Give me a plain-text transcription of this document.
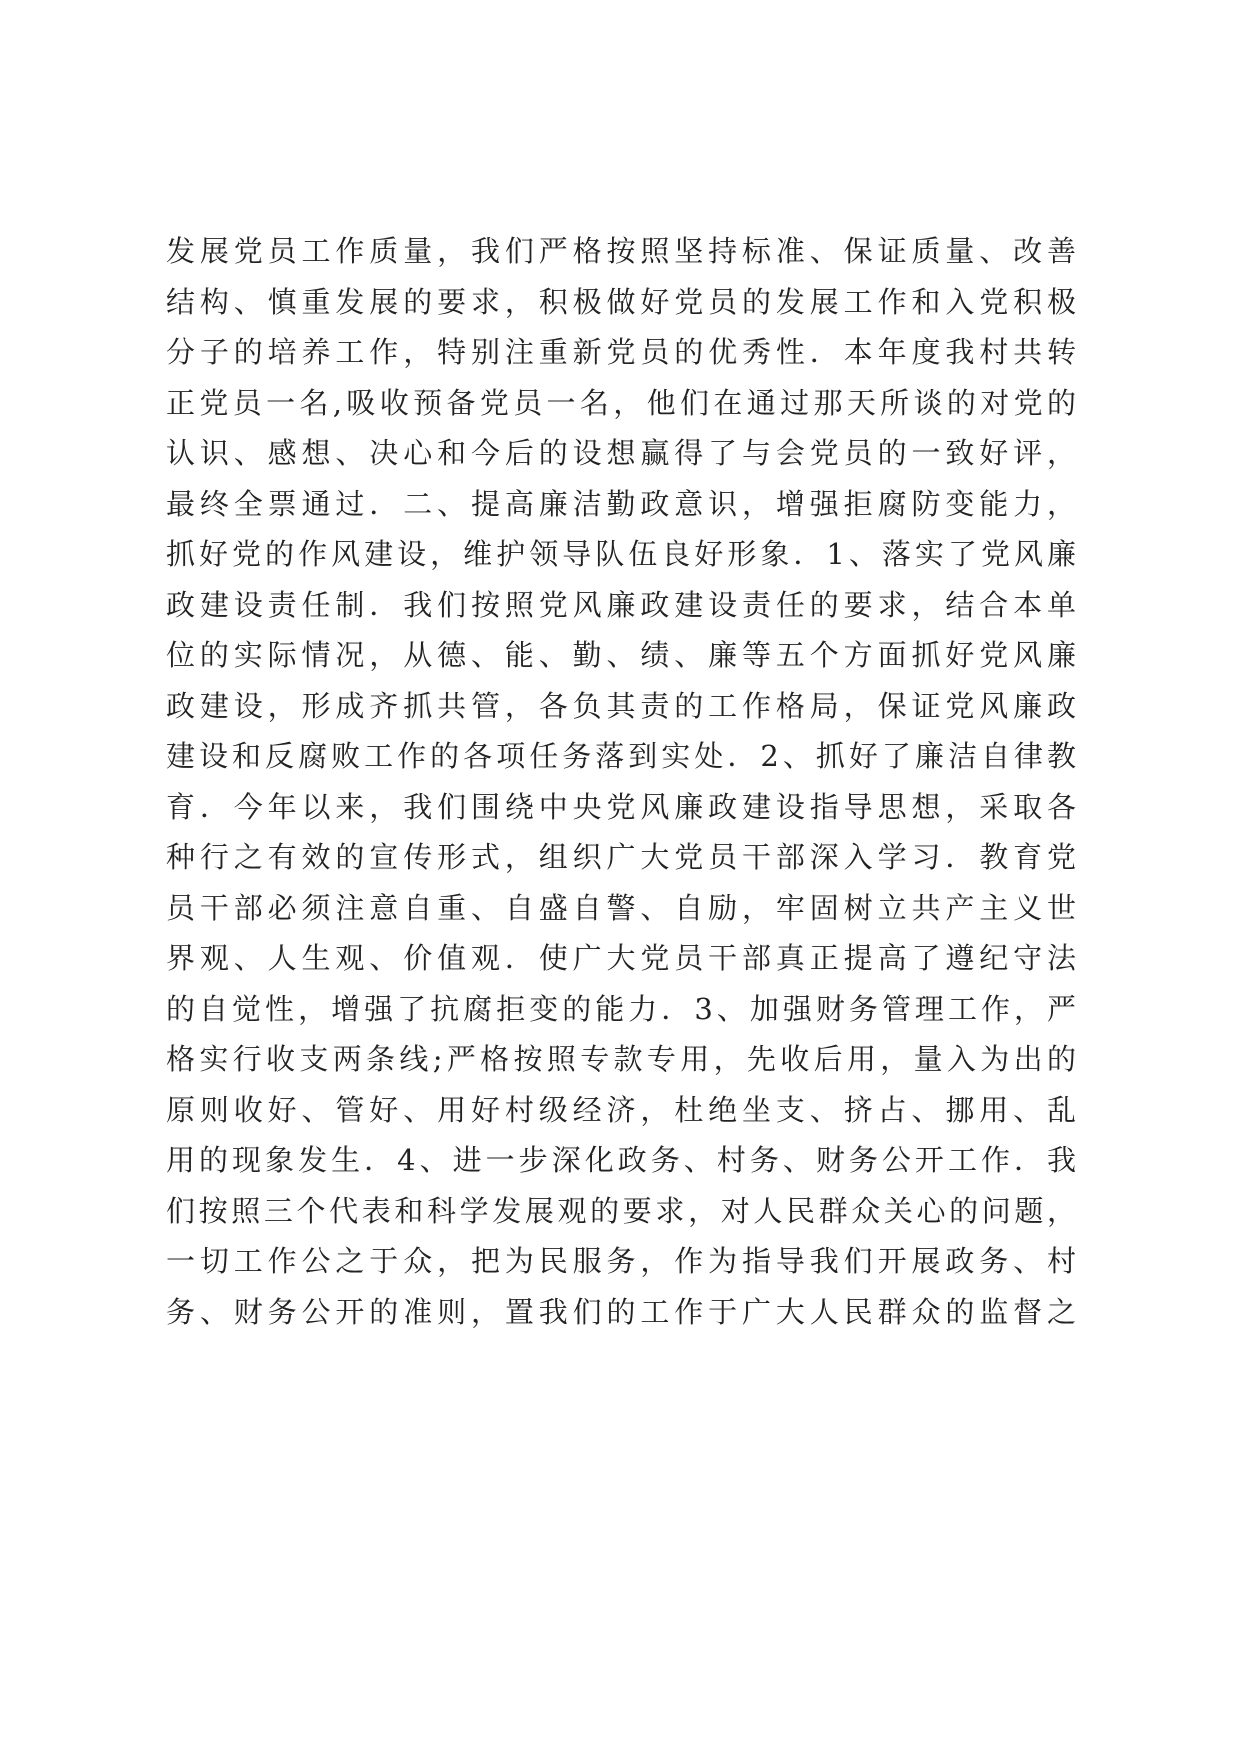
发展党员工作质量，我们严格按照坚持标准、保证质量、改善
结构、慎重发展的要求，积极做好党员的发展工作和入党积极
分子的培养工作，特别注重新党员的优秀性．本年度我村共转
正党员一名,吸收预备党员一名，他们在通过那天所谈的对党的
认识、感想、决心和今后的设想赢得了与会党员的一致好评，
最终全票通过．二、提高廉洁勤政意识，增强拒腐防变能力，
抓好党的作风建设，维护领导队伍良好形象．1、落实了党风廉
政建设责任制．我们按照党风廉政建设责任的要求，结合本单
位的实际情况，从德、能、勤、绩、廉等五个方面抓好党风廉
政建设，形成齐抓共管，各负其责的工作格局，保证党风廉政
建设和反腐败工作的各项任务落到实处．2、抓好了廉洁自律教
育．今年以来，我们围绕中央党风廉政建设指导思想，采取各
种行之有效的宣传形式，组织广大党员干部深入学习．教育党
员干部必须注意自重、自盛自警、自励，牢固树立共产主义世
界观、人生观、价值观．使广大党员干部真正提高了遵纪守法
的自觉性，增强了抗腐拒变的能力．3、加强财务管理工作，严
格实行收支两条线;严格按照专款专用，先收后用，量入为出的
原则收好、管好、用好村级经济，杜绝坐支、挤占、挪用、乱
用的现象发生．4、进一步深化政务、村务、财务公开工作．我
们按照三个代表和科学发展观的要求，对人民群众关心的问题，
一切工作公之于众，把为民服务，作为指导我们开展政务、村
务、财务公开的准则，置我们的工作于广大人民群众的监督之
